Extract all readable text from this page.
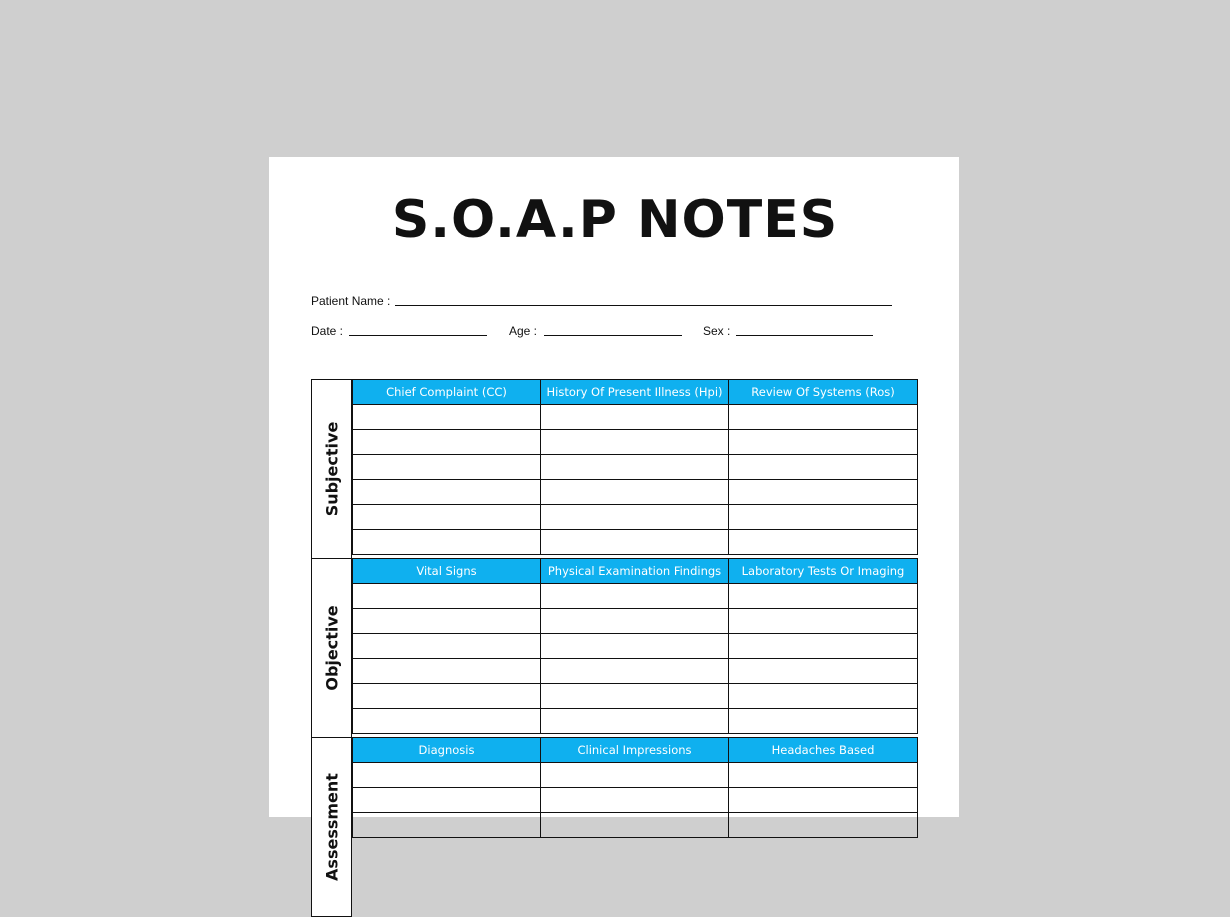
S.O.A.P NOTES
Patient Name :
Date :	Age :	Sex :
Subjective
Chief Complaint (CC)	History Of Present Illness (Hpi)	Review Of Systems (Ros)

Objective
Vital Signs	Physical Examination Findings	Laboratory Tests Or Imaging

Assessment
Diagnosis	Clinical Impressions	Headaches Based
